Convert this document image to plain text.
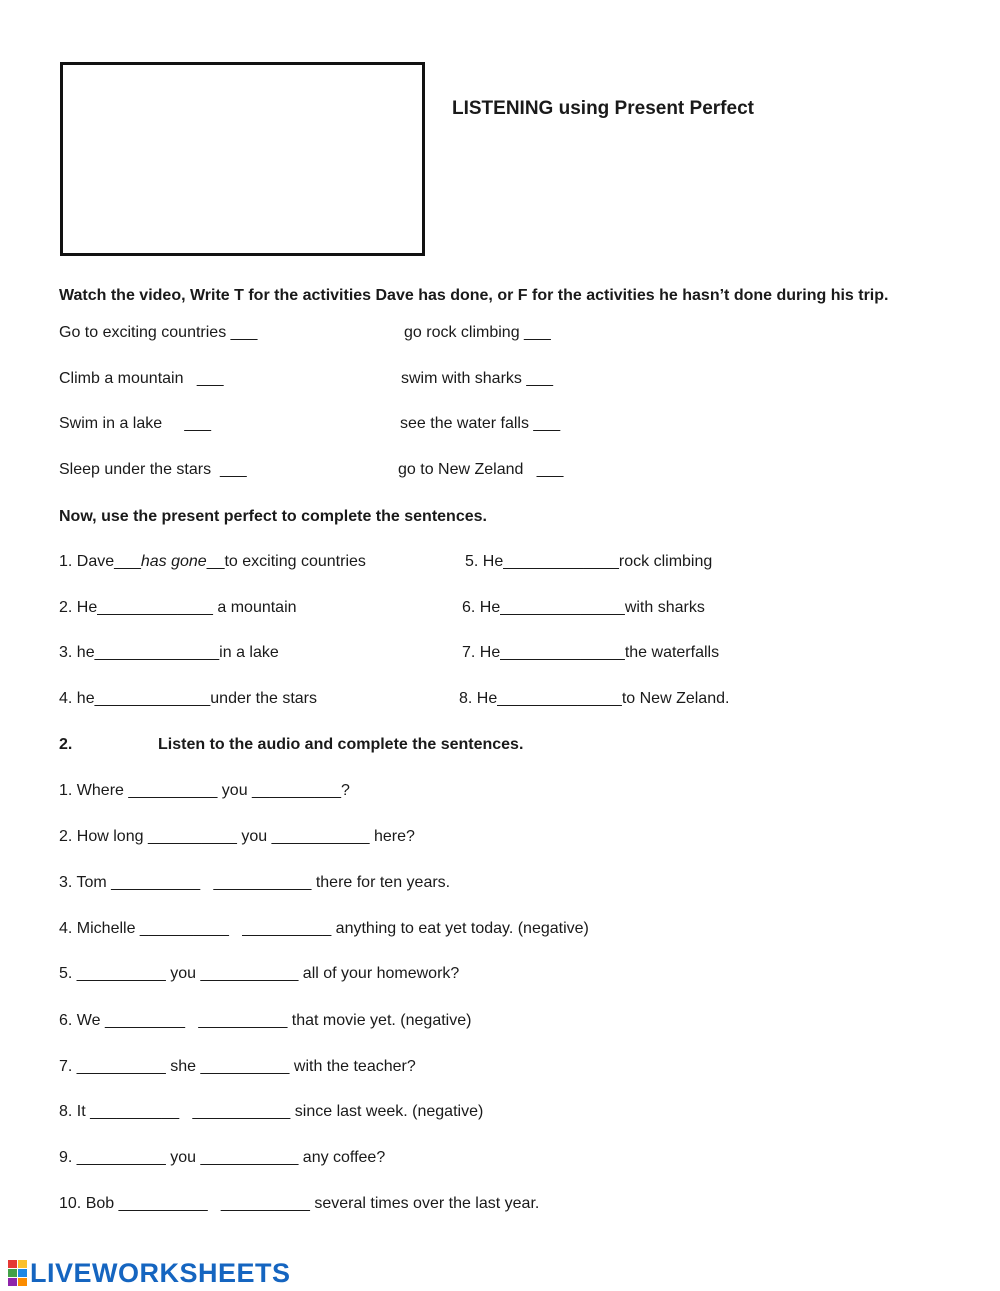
LISTENING using Present Perfect
Watch the video, Write T for the activities Dave has done, or F for the activities he hasn’t done during his trip.
Go to exciting countries ___
Climb a mountain   ___
Swim in a lake     ___
Sleep under the stars  ___
go rock climbing ___
swim with sharks ___
see the water falls ___
go to New Zeland   ___
Now, use the present perfect to complete the sentences.
1. Dave___has gone__to exciting countries
2. He_____________ a mountain
3. he______________in a lake
4. he_____________under the stars
5. He_____________rock climbing
6. He______________with sharks
7. He______________the waterfalls
8. He______________to New Zeland.
2.	Listen to the audio and complete the sentences.
1. Where __________ you __________?
2. How long __________ you ___________ here?
3. Tom __________   ___________ there for ten years.
4. Michelle __________   __________ anything to eat yet today. (negative)
5. __________ you ___________ all of your homework?
6. We _________   __________ that movie yet. (negative)
7. __________ she __________ with the teacher?
8. It __________   ___________ since last week. (negative)
9. __________ you ___________ any coffee?
10. Bob __________   __________ several times over the last year.
LIVEWORKSHEETS
